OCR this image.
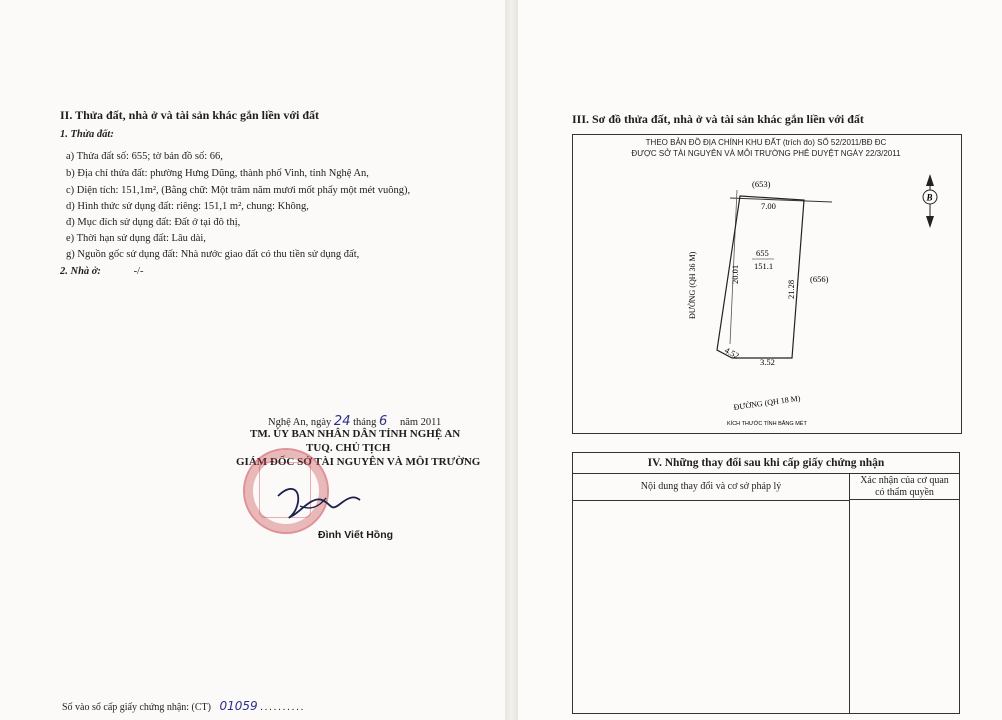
II. Thửa đất, nhà ở và tài sản khác gắn liền với đất
1. Thửa đất:
a) Thửa đất số: 655; tờ bản đồ số: 66,
b) Địa chỉ thửa đất: phường Hưng Dũng, thành phố Vinh, tỉnh Nghệ An,
c) Diện tích: 151,1m², (Bằng chữ: Một trăm năm mươi mốt phẩy một mét vuông),
d) Hình thức sử dụng đất: riêng: 151,1 m², chung: Không,
đ) Mục đích sử dụng đất: Đất ở tại đô thị,
e) Thời hạn sử dụng đất: Lâu dài,
g) Nguồn gốc sử dụng đất: Nhà nước giao đất có thu tiền sử dụng đất,
2. Nhà ở:	-/-
Nghệ An, ngày 24 tháng 6 năm 2011
TM. ỦY BAN NHÂN DÂN TỈNH NGHỆ AN
TUQ. CHỦ TỊCH
GIÁM ĐỐC SỞ TÀI NGUYÊN VÀ MÔI TRƯỜNG
Đình Viết Hồng
Số vào sổ cấp giấy chứng nhận: (CT) 01059 ..........
III. Sơ đồ thửa đất, nhà ở và tài sản khác gắn liền với đất
THEO BẢN ĐỒ ĐỊA CHÍNH KHU ĐẤT (trích đo) SỐ 52/2011/BĐ ĐC
ĐƯỢC SỞ TÀI NGUYÊN VÀ MÔI TRƯỜNG PHÊ DUYỆT NGÀY 22/3/2011
(653)
7.00
655
151.1
(656)
20.01
21.28
4.52
3.52
ĐƯỜNG (QH 36 M)
ĐƯỜNG (QH 18 M)
B
KÍCH THƯỚC TÍNH BẰNG MÉT
IV. Những thay đổi sau khi cấp giấy chứng nhận
Nội dung thay đổi và cơ sở pháp lý
Xác nhận của cơ quan
có thẩm quyền
